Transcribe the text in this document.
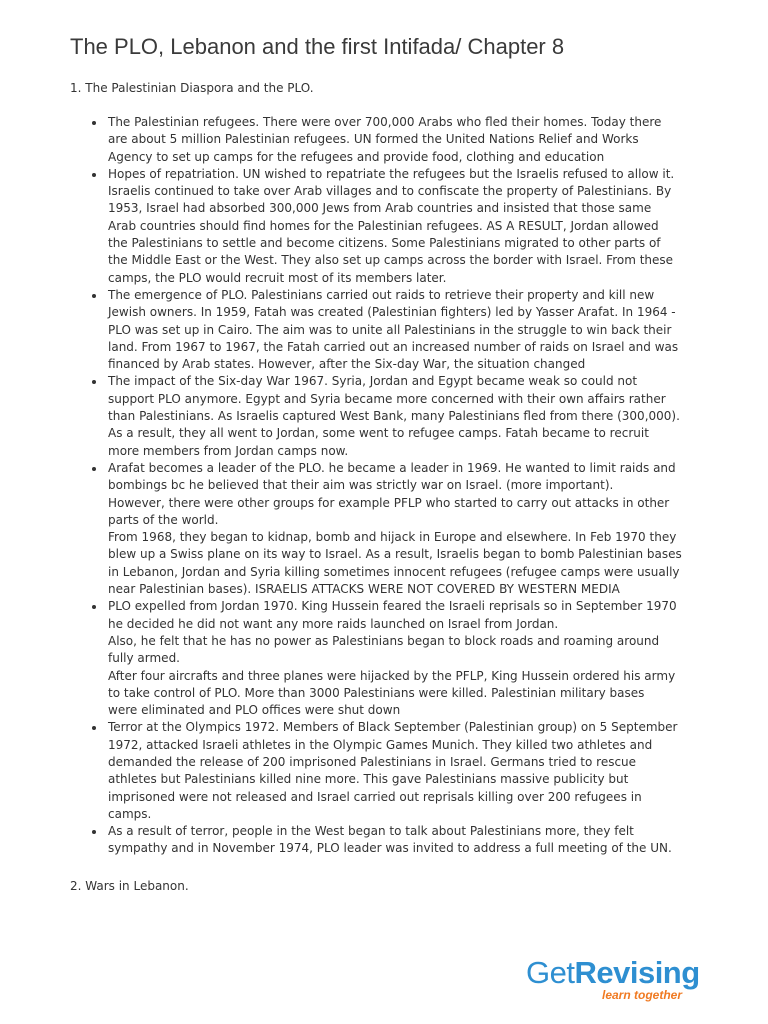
The PLO, Lebanon and the first Intifada/ Chapter 8

1. The Palestinian Diaspora and the PLO.

The Palestinian refugees. There were over 700,000 Arabs who fled their homes. Today there
are about 5 million Palestinian refugees. UN formed the United Nations Relief and Works
Agency to set up camps for the refugees and provide food, clothing and education
Hopes of repatriation. UN wished to repatriate the refugees but the Israelis refused to allow it.
Israelis continued to take over Arab villages and to confiscate the property of Palestinians. By
1953, Israel had absorbed 300,000 Jews from Arab countries and insisted that those same
Arab countries should find homes for the Palestinian refugees. AS A RESULT, Jordan allowed
the Palestinians to settle and become citizens. Some Palestinians migrated to other parts of
the Middle East or the West. They also set up camps across the border with Israel. From these
camps, the PLO would recruit most of its members later.
The emergence of PLO. Palestinians carried out raids to retrieve their property and kill new
Jewish owners. In 1959, Fatah was created (Palestinian fighters) led by Yasser Arafat. In 1964 -
PLO was set up in Cairo. The aim was to unite all Palestinians in the struggle to win back their
land. From 1967 to 1967, the Fatah carried out an increased number of raids on Israel and was
financed by Arab states. However, after the Six-day War, the situation changed
The impact of the Six-day War 1967. Syria, Jordan and Egypt became weak so could not
support PLO anymore. Egypt and Syria became more concerned with their own affairs rather
than Palestinians. As Israelis captured West Bank, many Palestinians fled from there (300,000).
As a result, they all went to Jordan, some went to refugee camps. Fatah became to recruit
more members from Jordan camps now.
Arafat becomes a leader of the PLO. he became a leader in 1969. He wanted to limit raids and
bombings bc he believed that their aim was strictly war on Israel. (more important).
However, there were other groups for example PFLP who started to carry out attacks in other
parts of the world.
From 1968, they began to kidnap, bomb and hijack in Europe and elsewhere. In Feb 1970 they
blew up a Swiss plane on its way to Israel. As a result, Israelis began to bomb Palestinian bases
in Lebanon, Jordan and Syria killing sometimes innocent refugees (refugee camps were usually
near Palestinian bases). ISRAELIS ATTACKS WERE NOT COVERED BY WESTERN MEDIA
PLO expelled from Jordan 1970. King Hussein feared the Israeli reprisals so in September 1970
he decided he did not want any more raids launched on Israel from Jordan.
Also, he felt that he has no power as Palestinians began to block roads and roaming around
fully armed.
After four aircrafts and three planes were hijacked by the PFLP, King Hussein ordered his army
to take control of PLO. More than 3000 Palestinians were killed. Palestinian military bases
were eliminated and PLO offices were shut down
Terror at the Olympics 1972. Members of Black September (Palestinian group) on 5 September
1972, attacked Israeli athletes in the Olympic Games Munich. They killed two athletes and
demanded the release of 200 imprisoned Palestinians in Israel. Germans tried to rescue
athletes but Palestinians killed nine more. This gave Palestinians massive publicity but
imprisoned were not released and Israel carried out reprisals killing over 200 refugees in
camps.
As a result of terror, people in the West began to talk about Palestinians more, they felt
sympathy and in November 1974, PLO leader was invited to address a full meeting of the UN.

2. Wars in Lebanon.

GetRevising
learn together
